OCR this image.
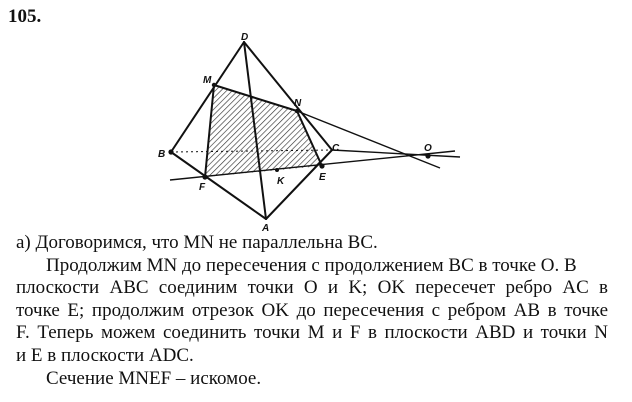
105.
D
M
N
B
C	O
F
K	E
A
а) Договоримся, что MN не параллельна BC.
Продолжим MN до пересечения с продолжением BC в точке O. В
плоскости ABC соединим точки O и K; OK пересечет ребро AC в
точке E; продолжим отрезок OK до пересечения с ребром AB в точке
F. Теперь можем соединить точки M и F в плоскости ABD и точки N
и E в плоскости ADC.
Сечение MNEF – искомое.
